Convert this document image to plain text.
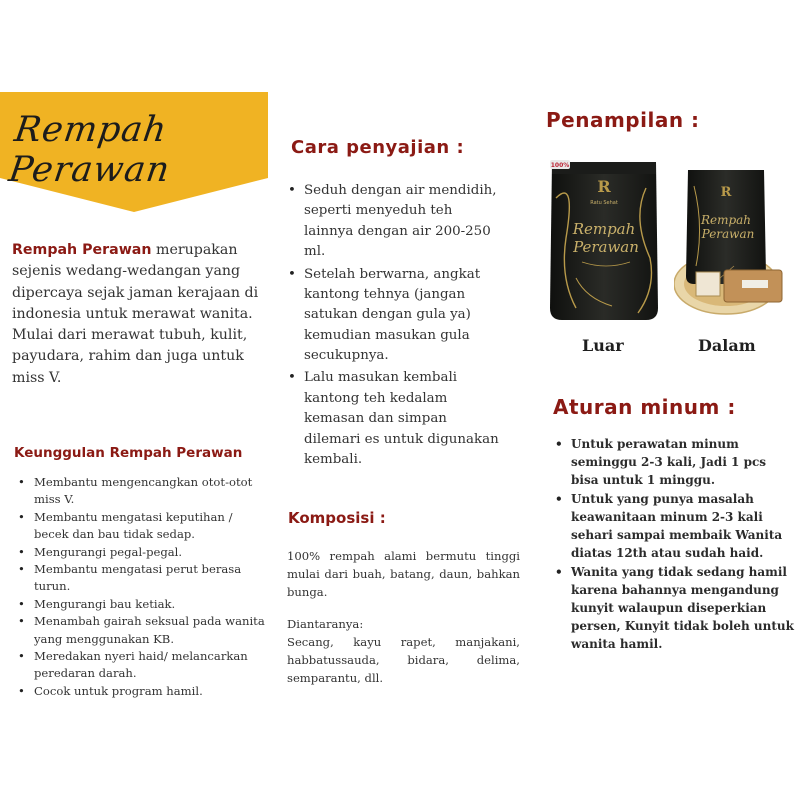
Rempah Perawan
Rempah Perawan merupakan sejenis wedang-wedangan yang dipercaya sejak jaman kerajaan di indonesia untuk merawat wanita. Mulai dari merawat tubuh, kulit, payudara, rahim dan juga untuk miss V.
Keunggulan Rempah Perawan
• Membantu mengencangkan otot-otot miss V.
• Membantu mengatasi keputihan / becek dan bau tidak sedap.
• Mengurangi pegal-pegal.
• Membantu mengatasi perut berasa turun.
• Mengurangi bau ketiak.
• Menambah gairah seksual pada wanita yang menggunakan KB.
• Meredakan nyeri haid/ melancarkan peredaran darah.
• Cocok untuk program hamil.
Cara penyajian :
• Seduh dengan air mendidih, seperti menyeduh teh lainnya dengan air 200-250 ml.
• Setelah berwarna, angkat kantong tehnya (jangan satukan dengan gula ya) kemudian masukan gula secukupnya.
• Lalu masukan kembali kantong teh kedalam kemasan dan simpan dilemari es untuk digunakan kembali.
Komposisi :

100% rempah alami bermutu tinggi mulai dari buah, batang, daun, bahkan bunga.

Diantaranya:

Secang, kayu rapet, manjakani, habbatussauda, bidara, delima, semparantu, dll.

Penampilan :
100%
R
Ratu Sehat
Rempah
Perawan
R
Rempah
Perawan
Luar	Dalam
Aturan minum :
• Untuk perawatan minum seminggu 2-3 kali, Jadi 1 pcs bisa untuk 1 minggu.
• Untuk yang punya masalah keawanitaan minum 2-3 kali sehari sampai membaik Wanita diatas 12th atau sudah haid.
• Wanita yang tidak sedang hamil karena bahannya mengandung kunyit walaupun diseperkian persen, Kunyit tidak boleh untuk wanita hamil.
